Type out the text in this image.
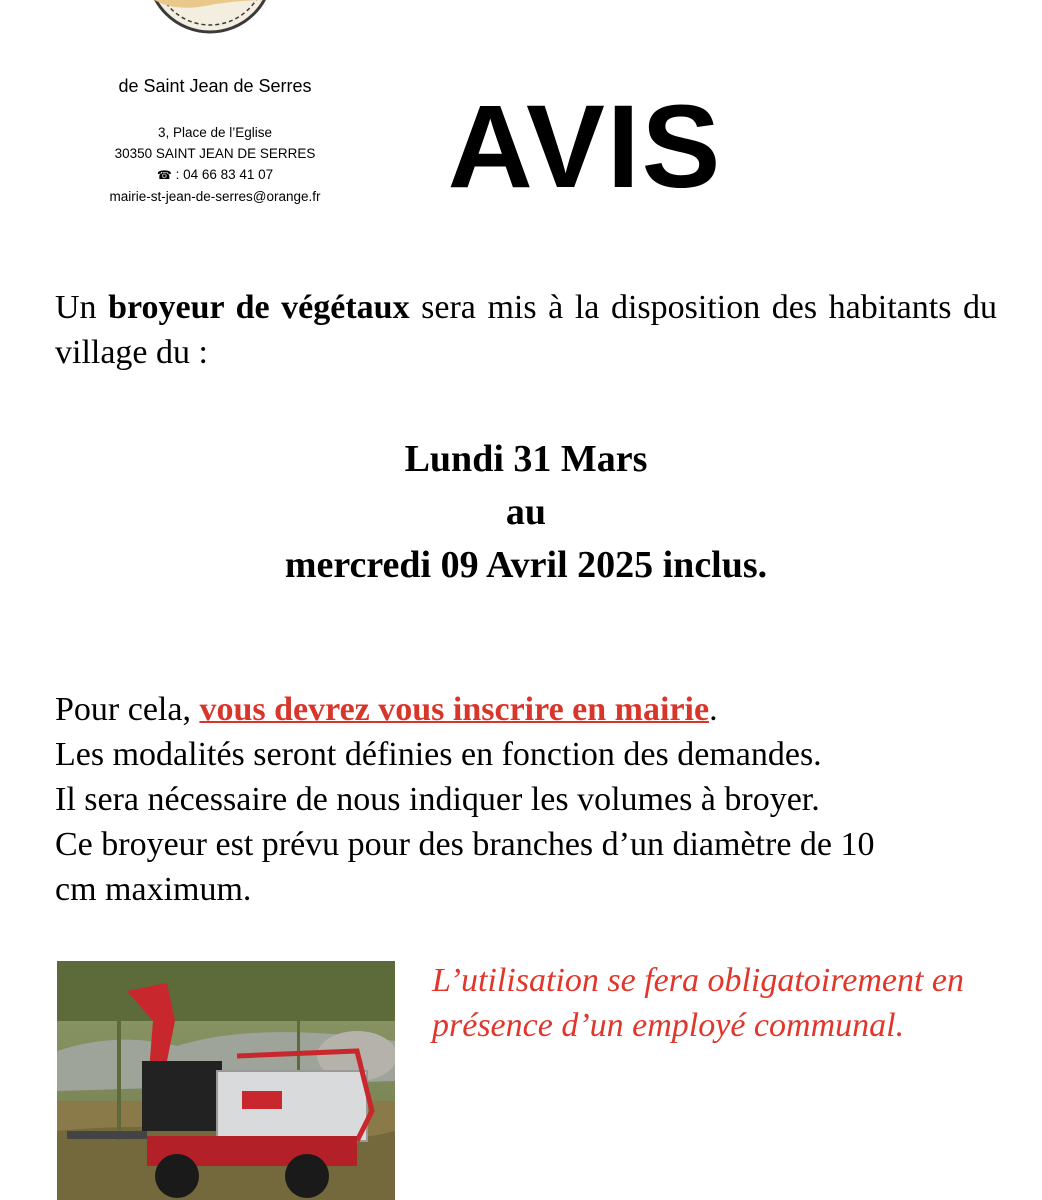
de Saint Jean de Serres
3, Place de l’Eglise
30350 SAINT JEAN DE SERRES
☎ : 04 66 83 41 07
mairie-st-jean-de-serres@orange.fr	AVIS
Un broyeur de végétaux sera mis à la disposition des habitants du village du :
Lundi 31 Mars
au
mercredi 09 Avril 2025 inclus.
Pour cela, vous devrez vous inscrire en mairie.
Les modalités seront définies en fonction des demandes.
Il sera nécessaire de nous indiquer les volumes à broyer.
Ce broyeur est prévu pour des branches d’un diamètre de 10
cm maximum.
L’utilisation se fera obligatoirement en présence d’un employé communal.
